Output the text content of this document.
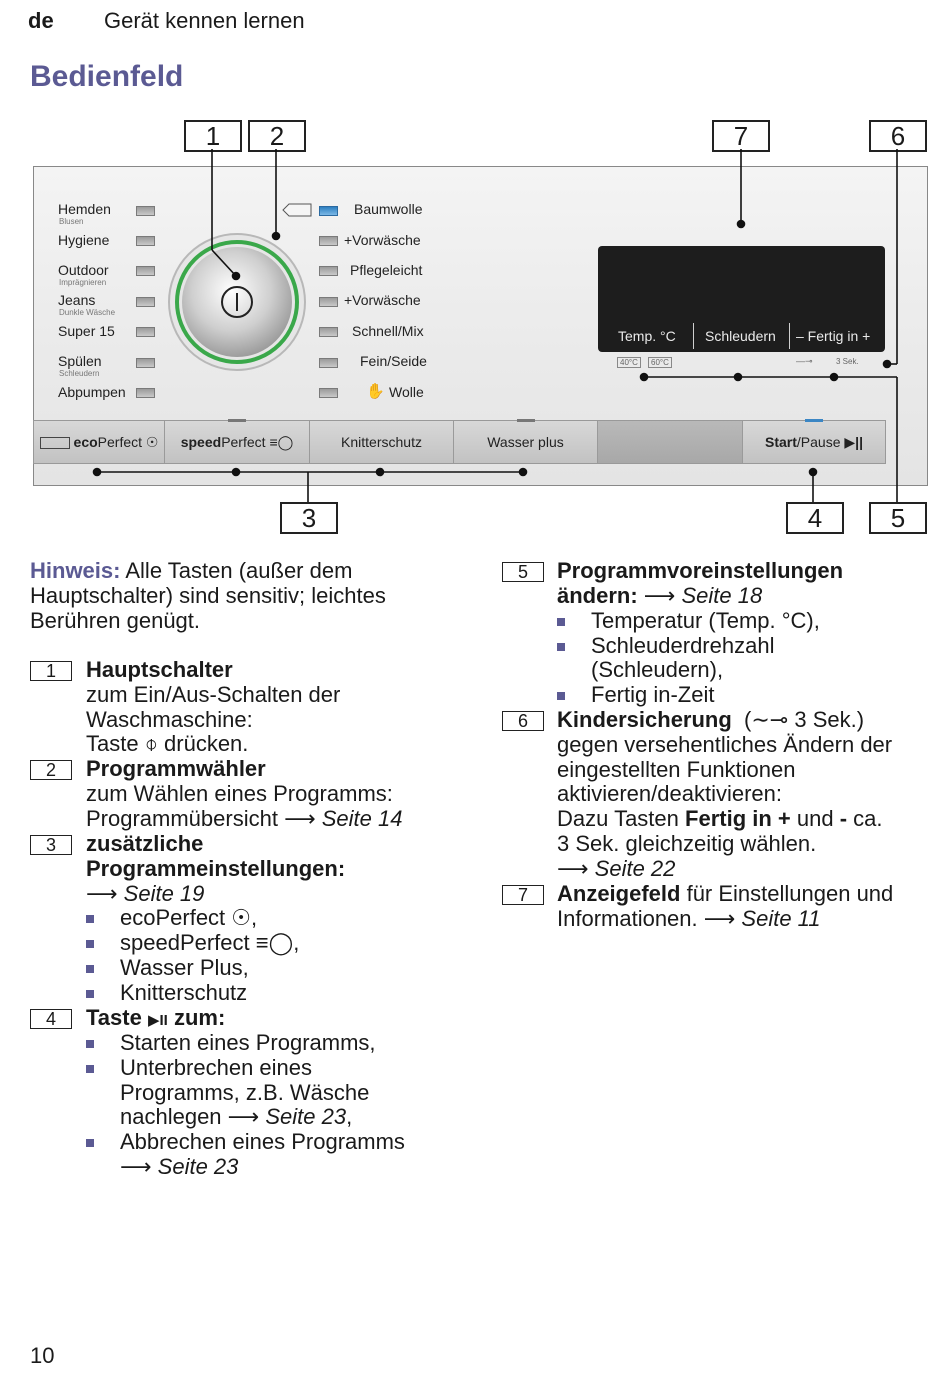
de Gerät kennen lernen
Bedienfeld
1	2	7	6
Hemden
Blusen
Hygiene
Outdoor
Imprägnieren
Jeans
Dunkle Wäsche
Super 15
Spülen
Schleudern
Abpumpen
Baumwolle
+Vorwäsche
Pflegeleicht
+Vorwäsche
Schnell/Mix
Fein/Seide
✋ Wolle
Temp. °C Schleudern – Fertig in +
40°C	60°C	—⊸	3 Sek.
ecoPerfect ☉	speedPerfect ≡◯	Knitterschutz	Wasser plus	Start/Pause ▶||
3	4	5
Hinweis: Alle Tasten (außer dem
Hauptschalter) sind sensitiv; leichtes
Berühren genügt.
1	Hauptschalter
zum Ein/Aus-Schalten der
Waschmaschine:
Taste ⌽ drücken.
2	Programmwähler
zum Wählen eines Programms:
Programmübersicht ⟶ Seite 14
3	zusätzliche
Programmeinstellungen:
⟶ Seite 19
ecoPerfect ☉,
speedPerfect ≡◯,
Wasser Plus,
Knitterschutz
4	Taste ▶II zum:
Starten eines Programms,
Unterbrechen eines
Programms, z.B. Wäsche
nachlegen ⟶ Seite 23,
Abbrechen eines Programms
⟶ Seite 23
5	Programmvoreinstellungen
ändern: ⟶ Seite 18
Temperatur (Temp. °C),
Schleuderdrehzahl
(Schleudern),
Fertig in-Zeit
6	Kindersicherung  (∼⊸ 3 Sek.)
gegen versehentliches Ändern der
eingestellten Funktionen
aktivieren/deaktivieren:
Dazu Tasten Fertig in + und - ca.
3 Sek. gleichzeitig wählen.
⟶ Seite 22
7	Anzeigefeld für Einstellungen und
Informationen. ⟶ Seite 11
10
